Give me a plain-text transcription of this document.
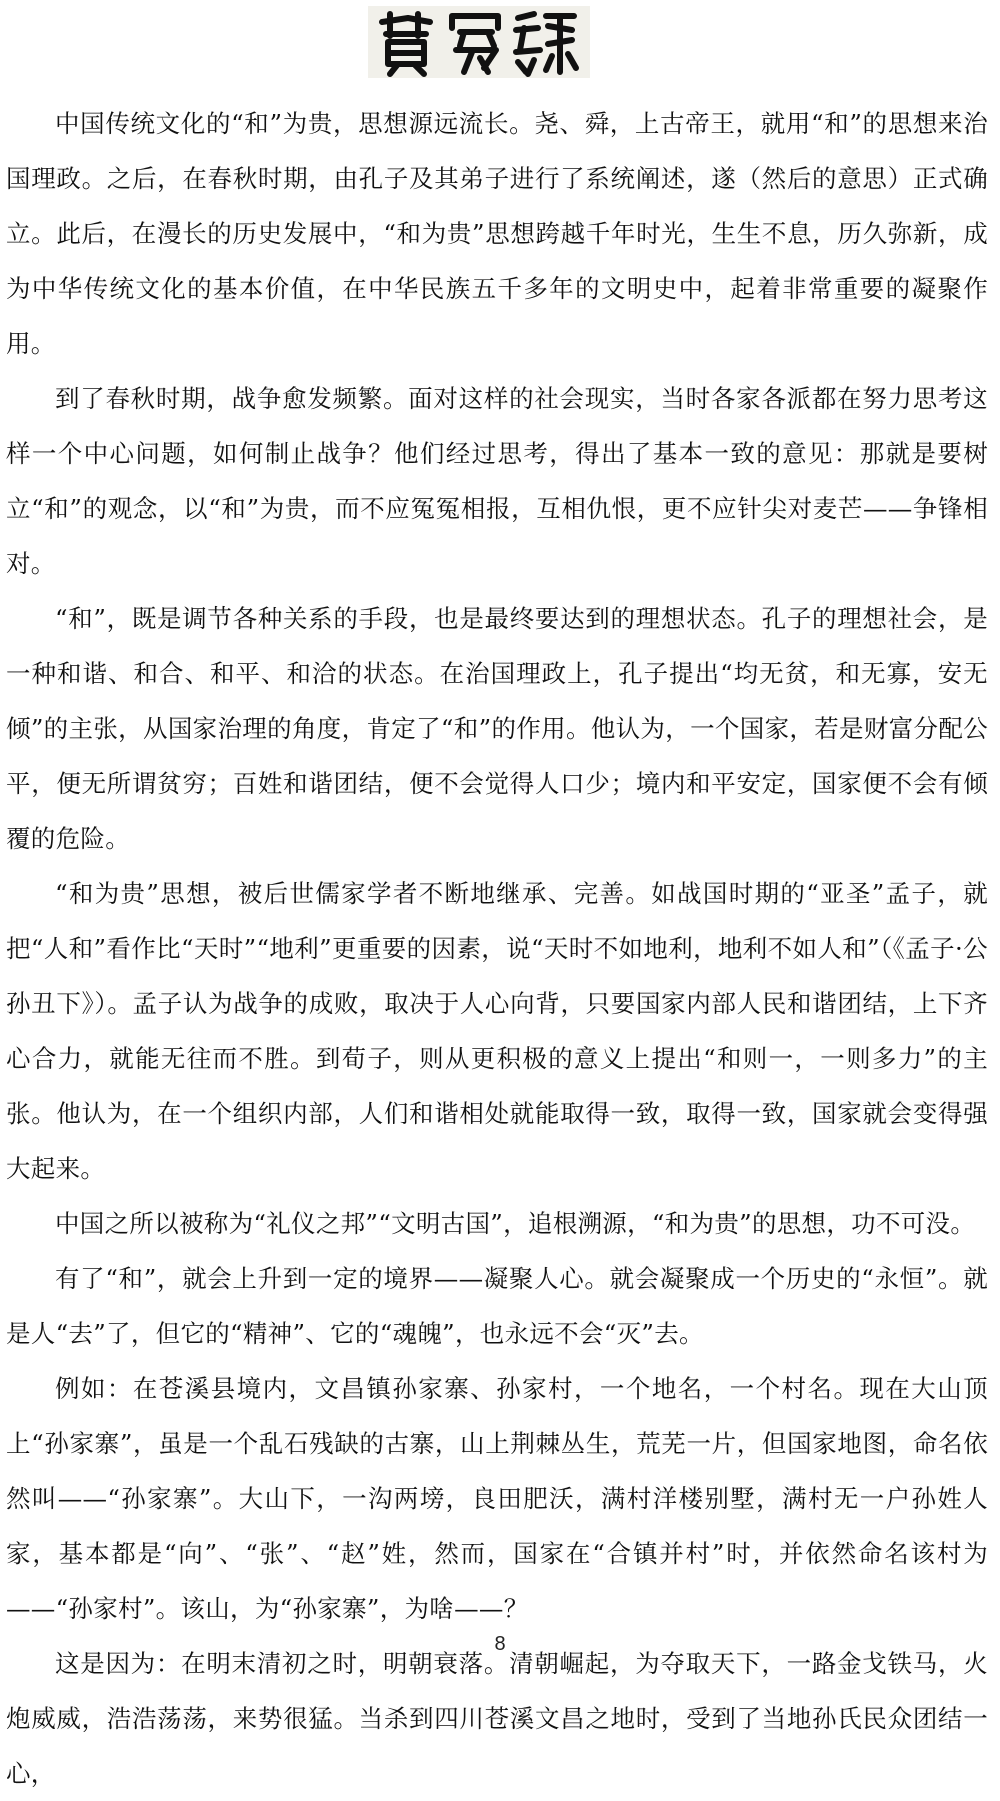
中国传统文化的“和”为贵，思想源远流长。尧、舜，上古帝王，就用“和”的思想来治国理政。之后，在春秋时期，由孔子及其弟子进行了系统阐述，遂（然后的意思）正式确立。此后，在漫长的历史发展中，“和为贵”思想跨越千年时光，生生不息，历久弥新，成为中华传统文化的基本价值，在中华民族五千多年的文明史中，起着非常重要的凝聚作用。

到了春秋时期，战争愈发频繁。面对这样的社会现实，当时各家各派都在努力思考这样一个中心问题，如何制止战争？他们经过思考，得出了基本一致的意见：那就是要树立“和”的观念，以“和”为贵，而不应冤冤相报，互相仇恨，更不应针尖对麦芒——争锋相对。

“和”，既是调节各种关系的手段，也是最终要达到的理想状态。孔子的理想社会，是一种和谐、和合、和平、和洽的状态。在治国理政上，孔子提出“均无贫，和无寡，安无倾”的主张，从国家治理的角度，肯定了“和”的作用。他认为，一个国家，若是财富分配公平，便无所谓贫穷；百姓和谐团结，便不会觉得人口少；境内和平安定，国家便不会有倾覆的危险。

“和为贵”思想，被后世儒家学者不断地继承、完善。如战国时期的“亚圣”孟子，就把“人和”看作比“天时”“地利”更重要的因素，说“天时不如地利，地利不如人和”（《孟子·公孙丑下》）。孟子认为战争的成败，取决于人心向背，只要国家内部人民和谐团结，上下齐心合力，就能无往而不胜。到荀子，则从更积极的意义上提出“和则一，一则多力”的主张。他认为，在一个组织内部，人们和谐相处就能取得一致，取得一致，国家就会变得强大起来。

中国之所以被称为“礼仪之邦”“文明古国”，追根溯源，“和为贵”的思想，功不可没。

有了“和”，就会上升到一定的境界——凝聚人心。就会凝聚成一个历史的“永恒”。就是人“去”了，但它的“精神”、它的“魂魄”，也永远不会“灭”去。

例如：在苍溪县境内，文昌镇孙家寨、孙家村，一个地名，一个村名。现在大山顶上“孙家寨”，虽是一个乱石残缺的古寨，山上荆棘丛生，荒芜一片，但国家地图，命名依然叫——“孙家寨”。大山下，一沟两塝，良田肥沃，满村洋楼别墅，满村无一户孙姓人家，基本都是“向”、“张”、“赵”姓，然而，国家在“合镇并村”时，并依然命名该村为——“孙家村”。该山，为“孙家寨”，为啥——？

这是因为：在明末清初之时，明朝衰落。清朝崛起，为夺取天下，一路金戈铁马，火炮威威，浩浩荡荡，来势很猛。当杀到四川苍溪文昌之地时，受到了当地孙氏民众团结一心，

8
